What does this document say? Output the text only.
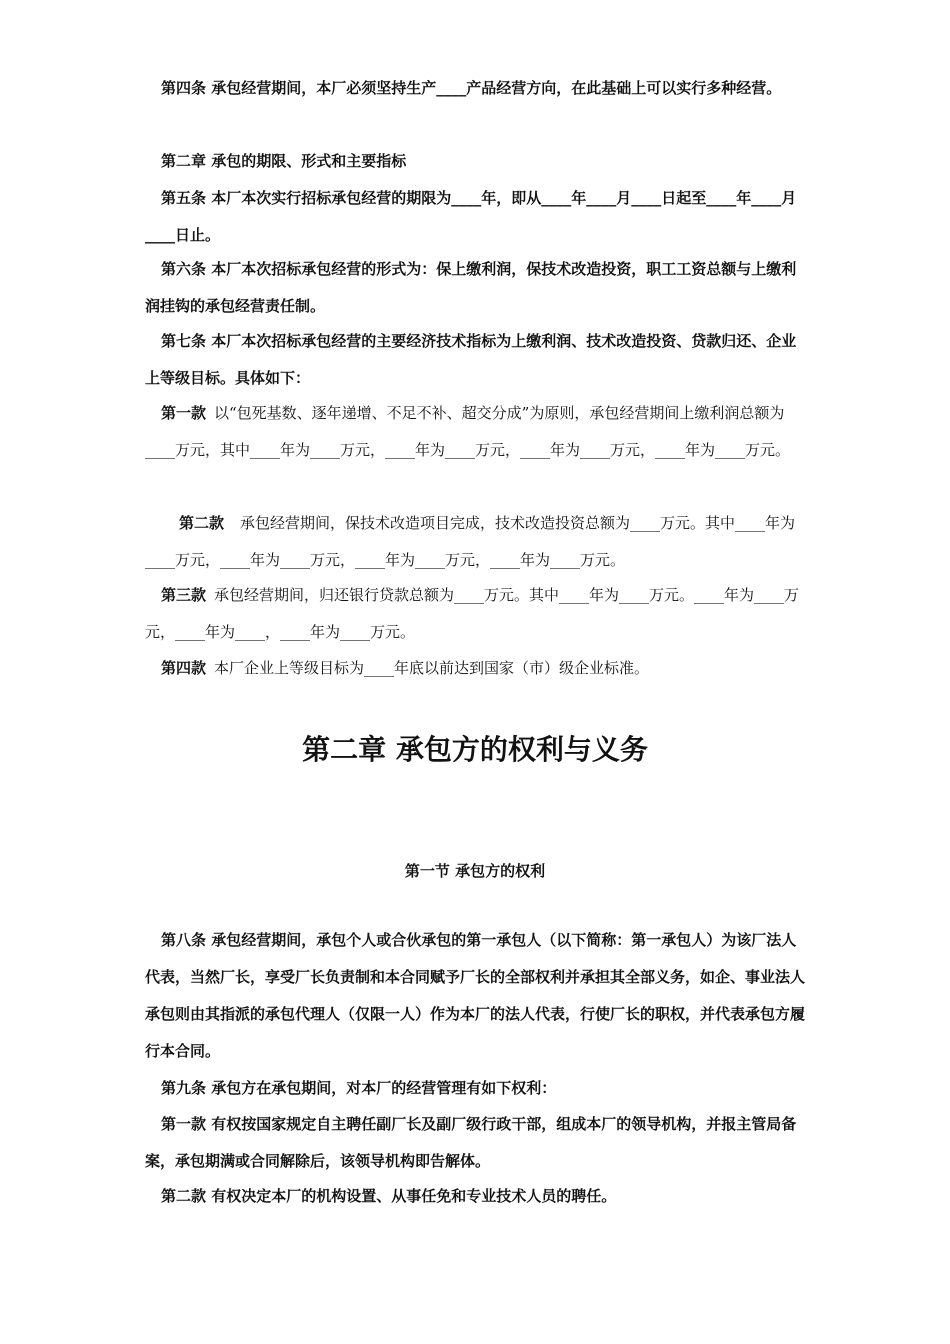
第四条 承包经营期间，本厂必须坚持生产____产品经营方向，在此基础上可以实行多种经营。

第二章 承包的期限、形式和主要指标

第五条 本厂本次实行招标承包经营的期限为____年，即从____年____月____日起至____年____月____日止。

第六条 本厂本次招标承包经营的形式为：保上缴利润，保技术改造投资，职工工资总额与上缴利润挂钩的承包经营责任制。

第七条 本厂本次招标承包经营的主要经济技术指标为上缴利润、技术改造投资、贷款归还、企业上等级目标。具体如下：

第一款 以“包死基数、逐年递增、不足不补、超交分成”为原则，承包经营期间上缴利润总额为____万元，其中____年为____万元，____年为____万元，____年为____万元，____年为____万元。

第二款 承包经营期间，保技术改造项目完成，技术改造投资总额为____万元。其中____年为____万元，____年为____万元，____年为____万元，____年为____万元。

第三款 承包经营期间，归还银行贷款总额为____万元。其中____年为____万元。____年为____万元，____年为____，____年为____万元。

第四款 本厂企业上等级目标为____年底以前达到国家（市）级企业标准。

第二章 承包方的权利与义务
第一节 承包方的权利

第八条 承包经营期间，承包个人或合伙承包的第一承包人（以下简称：第一承包人）为该厂法人代表，当然厂长，享受厂长负责制和本合同赋予厂长的全部权利并承担其全部义务，如企、事业法人承包则由其指派的承包代理人（仅限一人）作为本厂的法人代表，行使厂长的职权，并代表承包方履行本合同。

第九条 承包方在承包期间，对本厂的经营管理有如下权利：

第一款 有权按国家规定自主聘任副厂长及副厂级行政干部，组成本厂的领导机构，并报主管局备案，承包期满或合同解除后，该领导机构即告解体。

第二款 有权决定本厂的机构设置、从事任免和专业技术人员的聘任。
